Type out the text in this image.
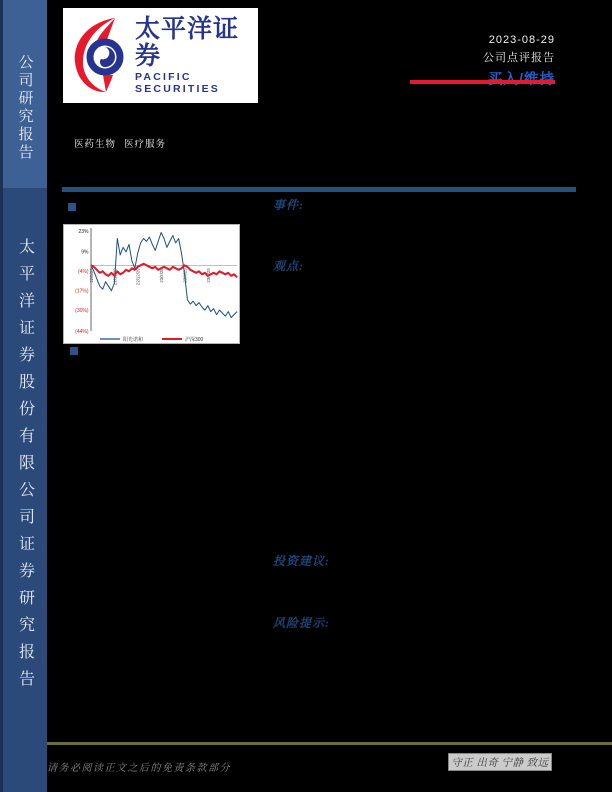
公司研究报告
太平洋证券股份有限公司证券研究报告
太平洋证券
PACIFIC SECURITIES
2023-08-29
公司点评报告
医药生物 医疗服务
23%
9%
(4%)
(17%)
(30%)
(44%)
22/8/29	22/10/29	22/12/29	23/2/28	23/4/29	23/6/29
阳光诺和	沪深300
事件:
观点:
投资建议:
风险提示:
请务必阅读正文之后的免责条款部分	守正 出奇 宁静 致远
